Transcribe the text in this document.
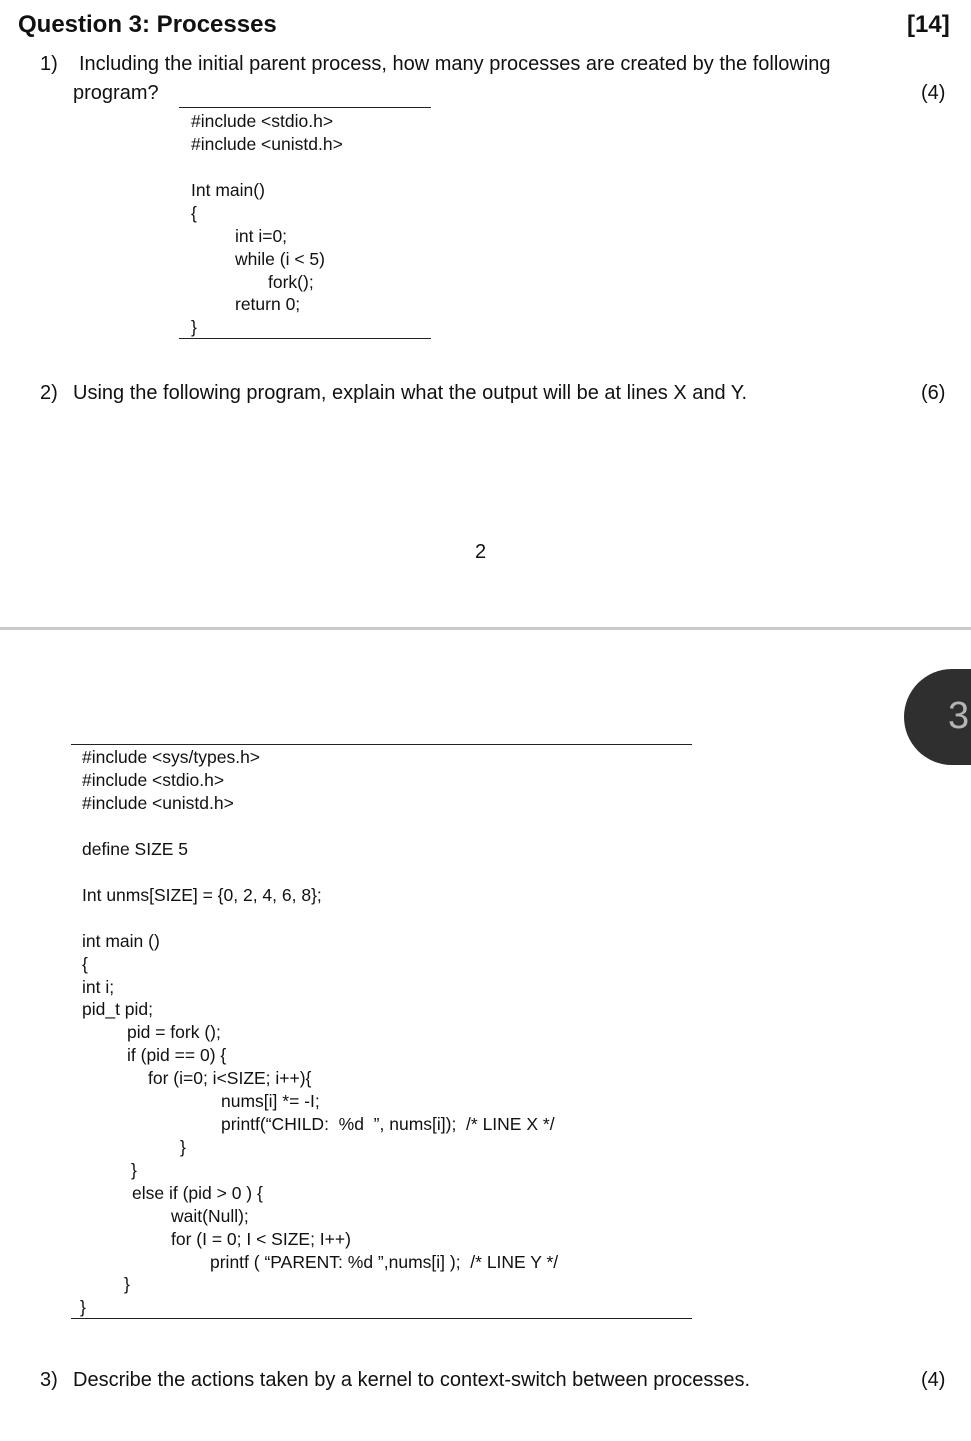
Question 3: Processes	[14]
1) Including the initial parent process, how many processes are created by the following
program?	(4)
#include <stdio.h>
#include <unistd.h>
Int main()
{
int i=0;
while (i < 5)
fork();
return 0;
}
2) Using the following program, explain what the output will be at lines X and Y.	(6)
2
3
#include <sys/types.h>
#include <stdio.h>
#include <unistd.h>
define SIZE 5
Int unms[SIZE] = {0, 2, 4, 6, 8};
int main ()
{
int i;
pid_t pid;
pid = fork ();
if (pid == 0) {
for (i=0; i<SIZE; i++){
nums[i] *= -I;
printf(“CHILD:  %d  ”, nums[i]);  /* LINE X */
}
}
else if (pid > 0 ) {
wait(Null);
for (I = 0; I < SIZE; I++)
printf ( “PARENT: %d ”,nums[i] );  /* LINE Y */
}
}
3) Describe the actions taken by a kernel to context-switch between processes.	(4)
